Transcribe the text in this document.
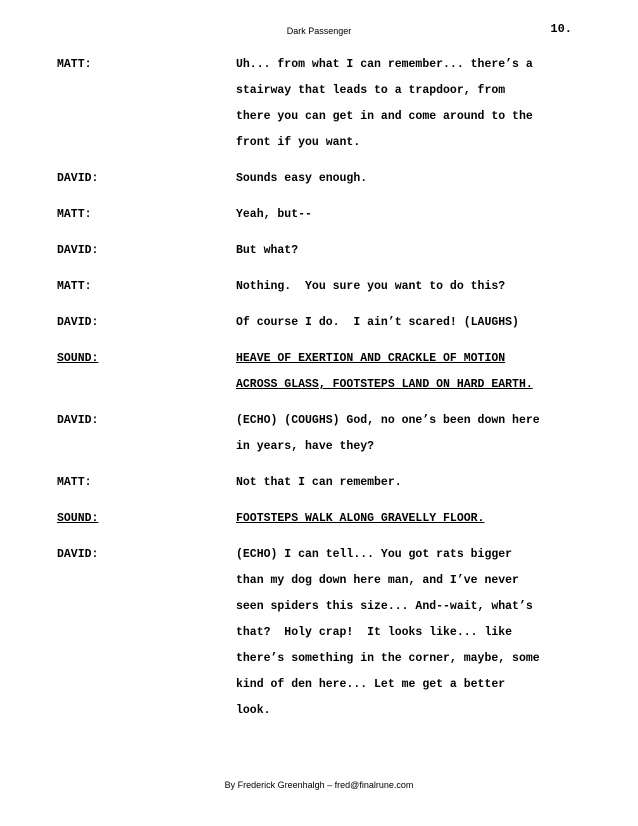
Dark Passenger	10.
MATT:	Uh... from what I can remember... there’s a
stairway that leads to a trapdoor, from
there you can get in and come around to the
front if you want.
DAVID:	Sounds easy enough.
MATT:	Yeah, but--
DAVID:	But what?
MATT:	Nothing.  You sure you want to do this?
DAVID:	Of course I do.  I ain’t scared! (LAUGHS)
SOUND:	HEAVE OF EXERTION AND CRACKLE OF MOTION
ACROSS GLASS, FOOTSTEPS LAND ON HARD EARTH.
DAVID:	(ECHO) (COUGHS) God, no one’s been down here
in years, have they?
MATT:	Not that I can remember.
SOUND:	FOOTSTEPS WALK ALONG GRAVELLY FLOOR.
DAVID:	(ECHO) I can tell... You got rats bigger
than my dog down here man, and I’ve never
seen spiders this size... And--wait, what’s
that?  Holy crap!  It looks like... like
there’s something in the corner, maybe, some
kind of den here... Let me get a better
look.
By Frederick Greenhalgh – fred@finalrune.com
